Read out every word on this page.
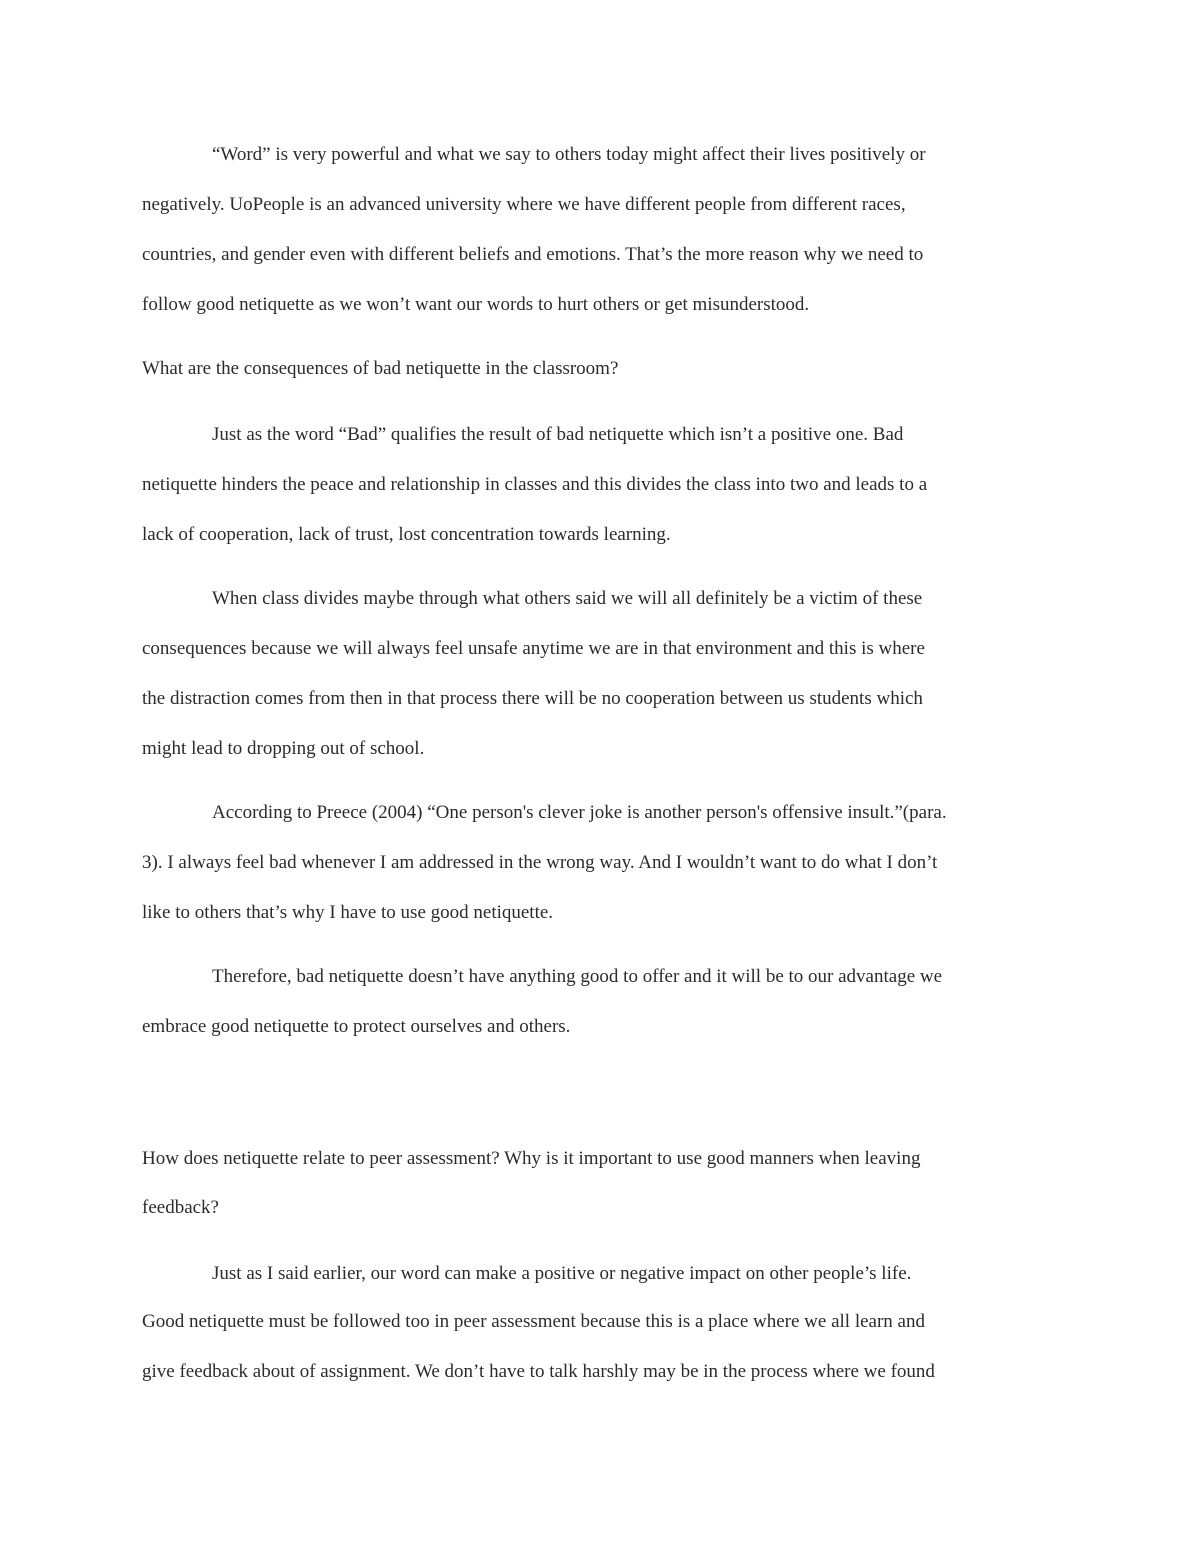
“Word” is very powerful and what we say to others today might affect their lives positively or
negatively. UoPeople is an advanced university where we have different people from different races,
countries, and gender even with different beliefs and emotions. That’s the more reason why we need to
follow good netiquette as we won’t want our words to hurt others or get misunderstood.
What are the consequences of bad netiquette in the classroom?
Just as the word “Bad” qualifies the result of bad netiquette which isn’t a positive one. Bad
netiquette hinders the peace and relationship in classes and this divides the class into two and leads to a
lack of cooperation, lack of trust, lost concentration towards learning.
When class divides maybe through what others said we will all definitely be a victim of these
consequences because we will always feel unsafe anytime we are in that environment and this is where
the distraction comes from then in that process there will be no cooperation between us students which
might lead to dropping out of school.
According to Preece (2004) “One person's clever joke is another person's offensive insult.”(para.
3). I always feel bad whenever I am addressed in the wrong way. And I wouldn’t want to do what I don’t
like to others that’s why I have to use good netiquette.
Therefore, bad netiquette doesn’t have anything good to offer and it will be to our advantage we
embrace good netiquette to protect ourselves and others.
How does netiquette relate to peer assessment? Why is it important to use good manners when leaving
feedback?
Just as I said earlier, our word can make a positive or negative impact on other people’s life.
Good netiquette must be followed too in peer assessment because this is a place where we all learn and
give feedback about of assignment. We don’t have to talk harshly may be in the process where we found
